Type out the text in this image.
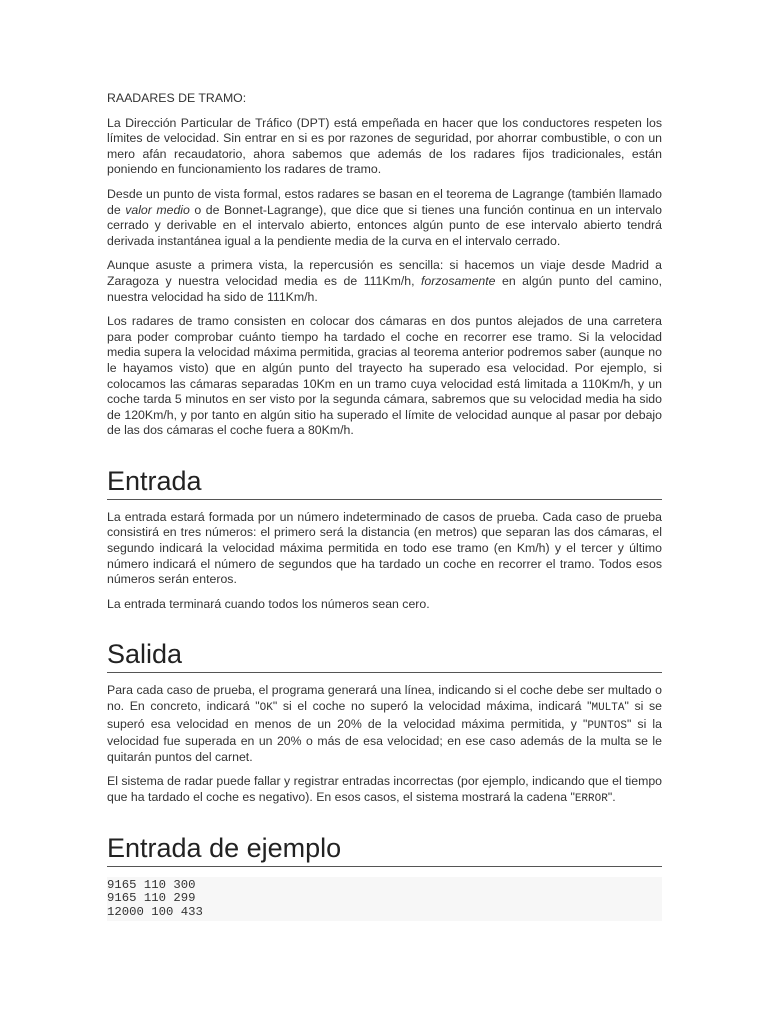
RAADARES DE TRAMO:

La Dirección Particular de Tráfico (DPT) está empeñada en hacer que los conductores respeten los límites de velocidad. Sin entrar en si es por razones de seguridad, por ahorrar combustible, o con un mero afán recaudatorio, ahora sabemos que además de los radares fijos tradicionales, están poniendo en funcionamiento los radares de tramo.

Desde un punto de vista formal, estos radares se basan en el teorema de Lagrange (también llamado de valor medio o de Bonnet-Lagrange), que dice que si tienes una función continua en un intervalo cerrado y derivable en el intervalo abierto, entonces algún punto de ese intervalo abierto tendrá derivada instantánea igual a la pendiente media de la curva en el intervalo cerrado.

Aunque asuste a primera vista, la repercusión es sencilla: si hacemos un viaje desde Madrid a Zaragoza y nuestra velocidad media es de 111Km/h, forzosamente en algún punto del camino, nuestra velocidad ha sido de 111Km/h.

Los radares de tramo consisten en colocar dos cámaras en dos puntos alejados de una carretera para poder comprobar cuánto tiempo ha tardado el coche en recorrer ese tramo. Si la velocidad media supera la velocidad máxima permitida, gracias al teorema anterior podremos saber (aunque no le hayamos visto) que en algún punto del trayecto ha superado esa velocidad. Por ejemplo, si colocamos las cámaras separadas 10Km en un tramo cuya velocidad está limitada a 110Km/h, y un coche tarda 5 minutos en ser visto por la segunda cámara, sabremos que su velocidad media ha sido de 120Km/h, y por tanto en algún sitio ha superado el límite de velocidad aunque al pasar por debajo de las dos cámaras el coche fuera a 80Km/h.

Entrada

La entrada estará formada por un número indeterminado de casos de prueba. Cada caso de prueba consistirá en tres números: el primero será la distancia (en metros) que separan las dos cámaras, el segundo indicará la velocidad máxima permitida en todo ese tramo (en Km/h) y el tercer y último número indicará el número de segundos que ha tardado un coche en recorrer el tramo. Todos esos números serán enteros.

La entrada terminará cuando todos los números sean cero.

Salida

Para cada caso de prueba, el programa generará una línea, indicando si el coche debe ser multado o no. En concreto, indicará "OK" si el coche no superó la velocidad máxima, indicará "MULTA" si se superó esa velocidad en menos de un 20% de la velocidad máxima permitida, y "PUNTOS" si la velocidad fue superada en un 20% o más de esa velocidad; en ese caso además de la multa se le quitarán puntos del carnet.

El sistema de radar puede fallar y registrar entradas incorrectas (por ejemplo, indicando que el tiempo que ha tardado el coche es negativo). En esos casos, el sistema mostrará la cadena "ERROR".

Entrada de ejemplo
9165 110 300
9165 110 299
12000 100 433
